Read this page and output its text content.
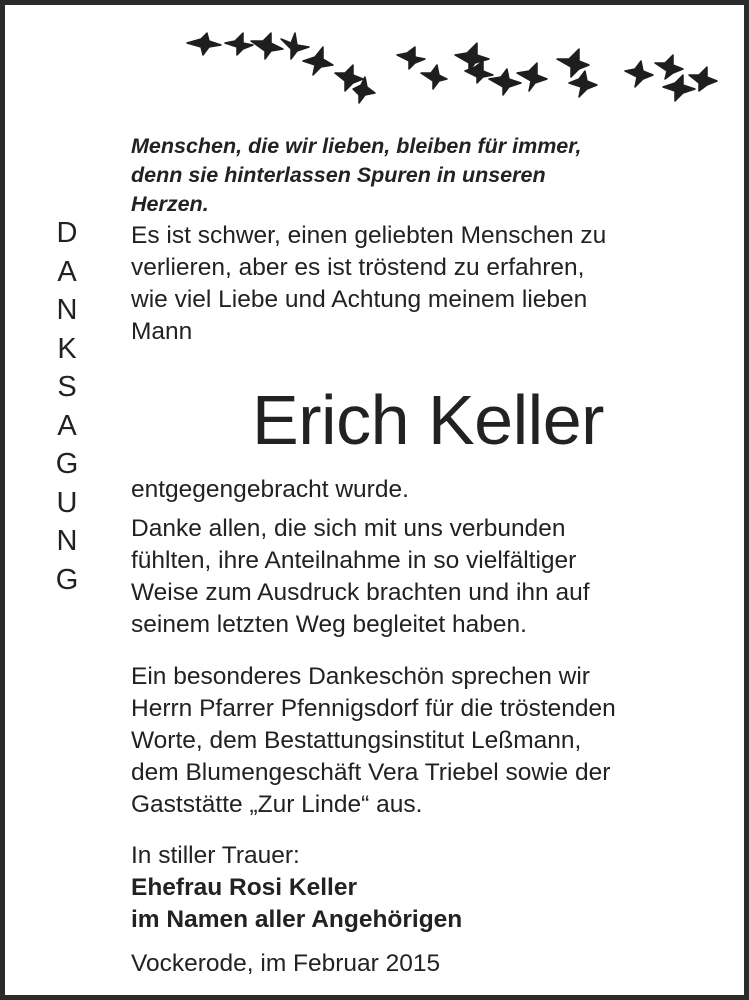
D
A
N
K
S
A
G
U
N
G

Menschen, die wir lieben, bleiben für immer,
denn sie hinterlassen Spuren in unseren
Herzen.

Es ist schwer, einen geliebten Menschen zu
verlieren, aber es ist tröstend zu erfahren,
wie viel Liebe und Achtung meinem lieben
Mann

Erich Keller

entgegengebracht wurde.

Danke allen, die sich mit uns verbunden
fühlten, ihre Anteilnahme in so vielfältiger
Weise zum Ausdruck brachten und ihn auf
seinem letzten Weg begleitet haben.

Ein besonderes Dankeschön sprechen wir
Herrn Pfarrer Pfennigsdorf für die tröstenden
Worte, dem Bestattungsinstitut Leßmann,
dem Blumengeschäft Vera Triebel sowie der
Gaststätte „Zur Linde“ aus.

In stiller Trauer:
Ehefrau Rosi Keller
im Namen aller Angehörigen

Vockerode, im Februar 2015
